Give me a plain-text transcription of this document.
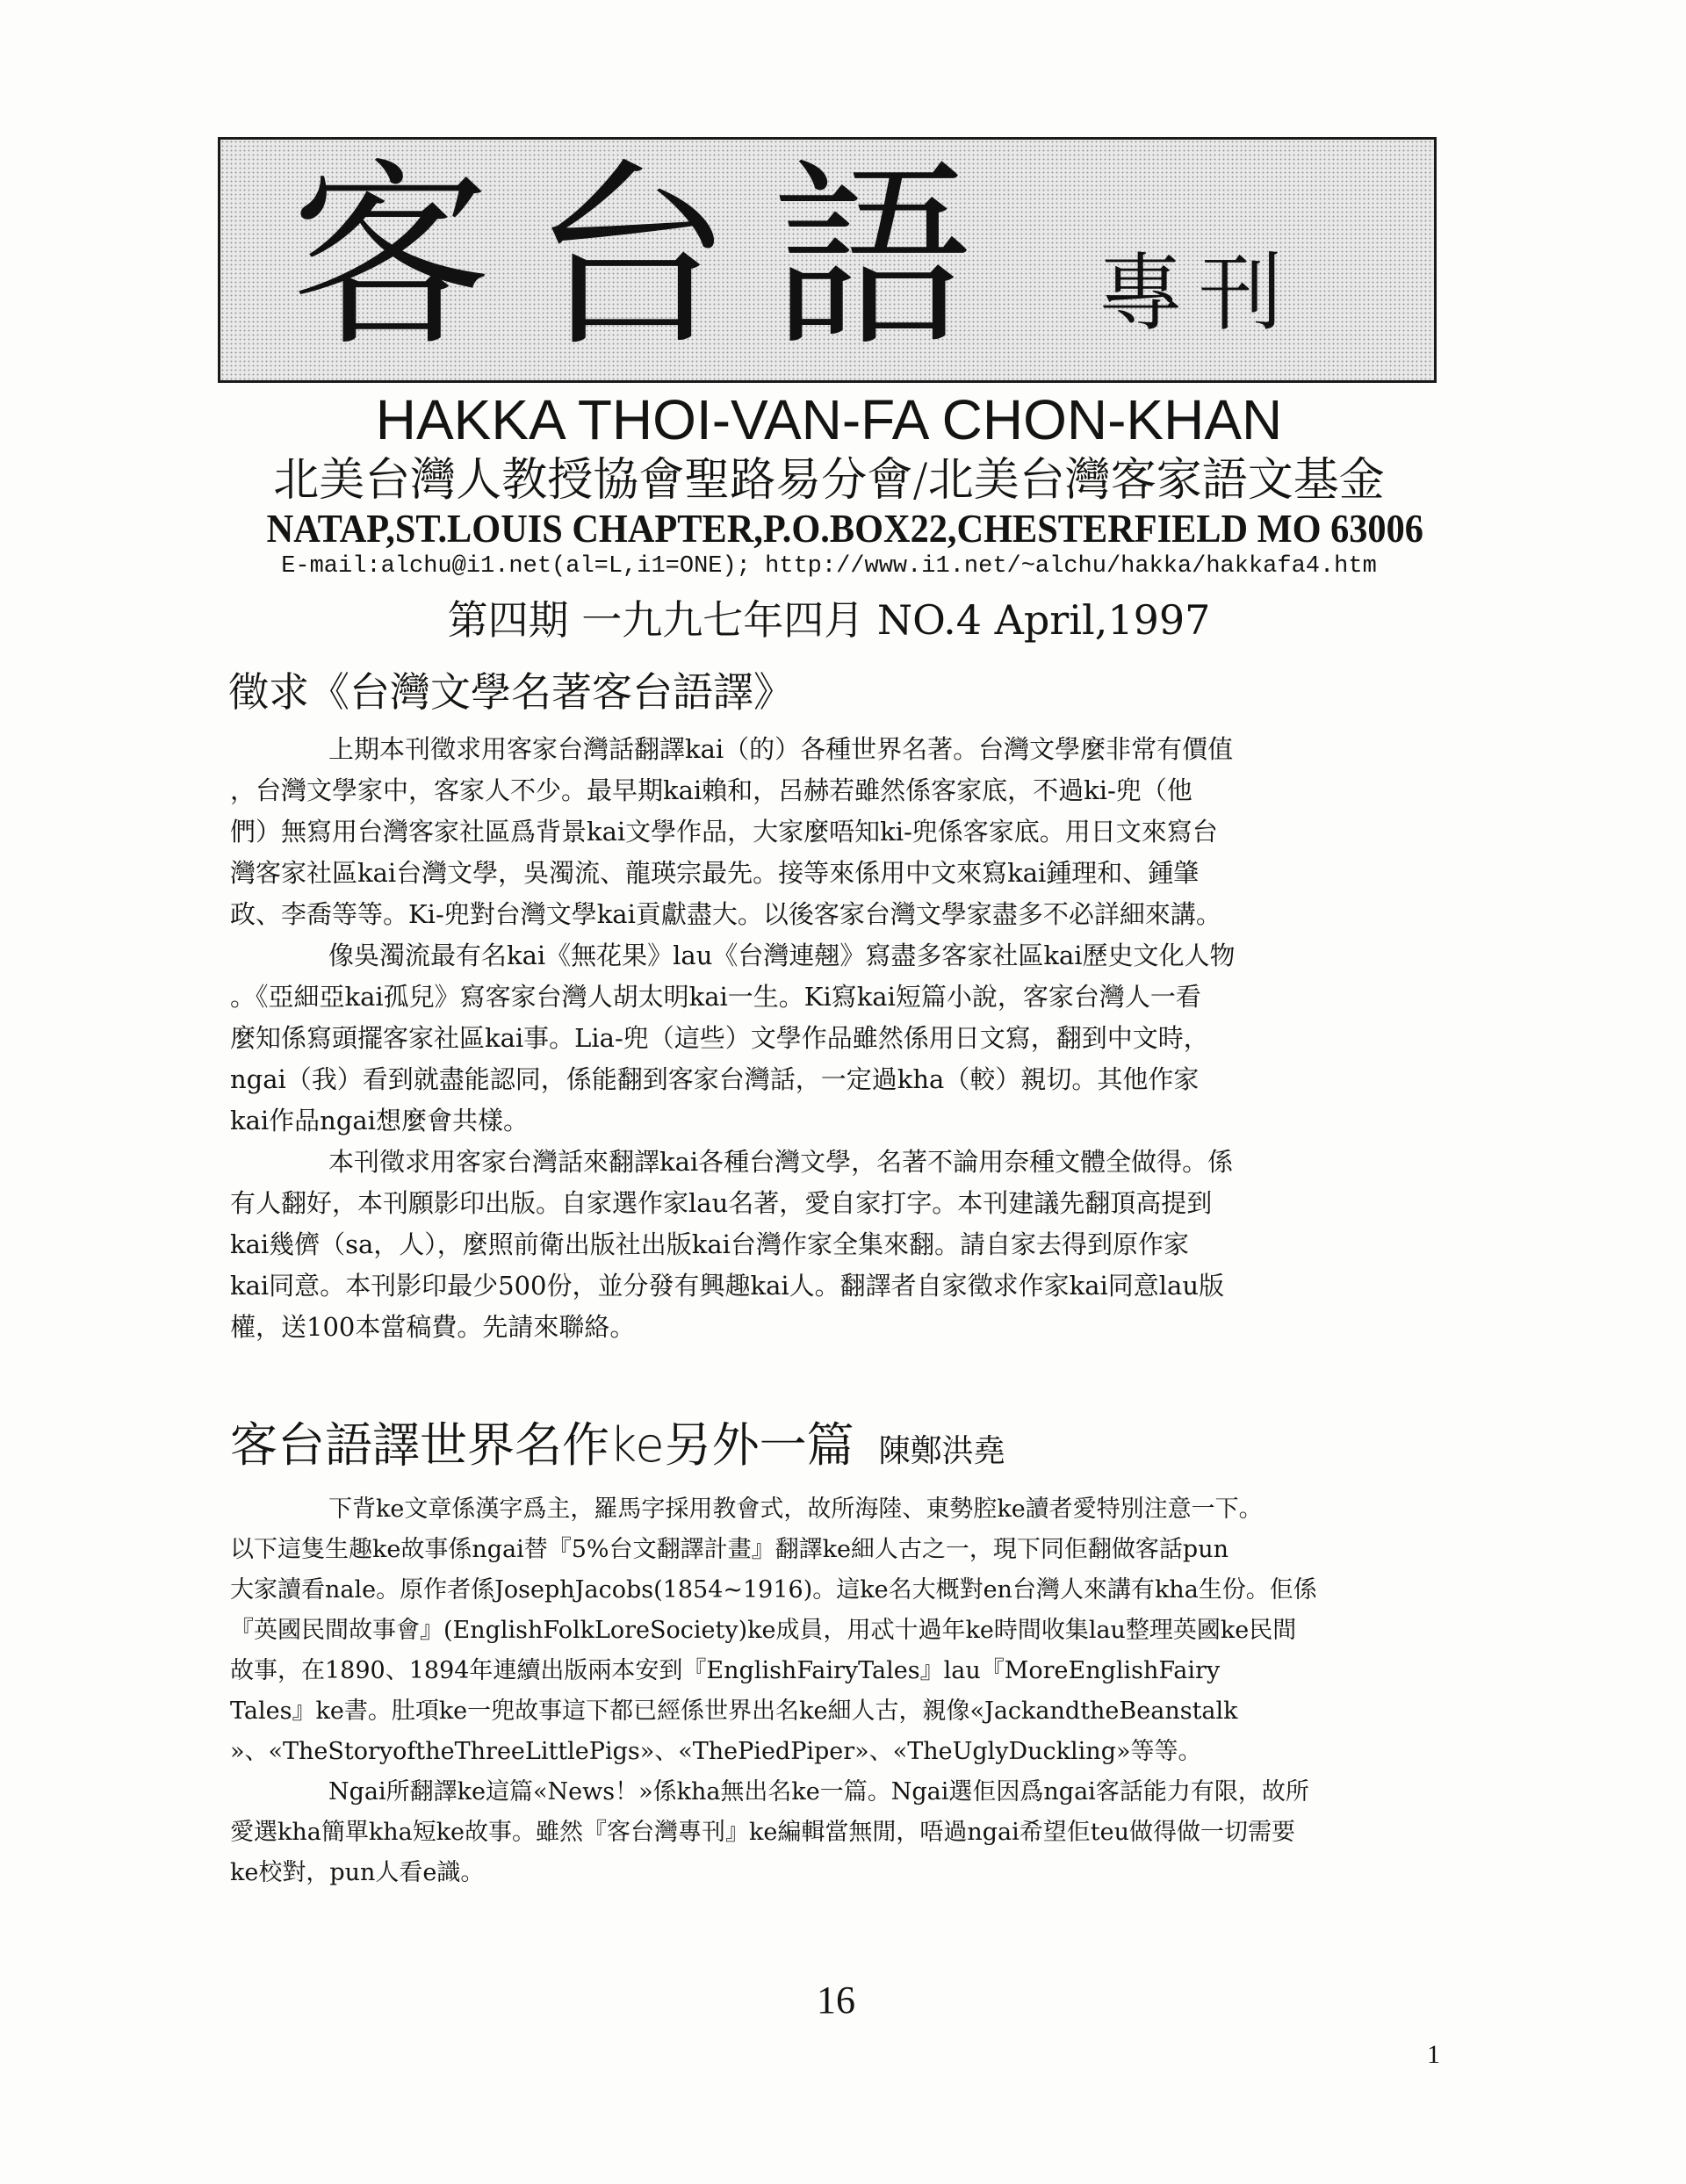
客台語 專刊
HAKKA THOI-VAN-FA CHON-KHAN
北美台灣人教授協會聖路易分會/北美台灣客家語文基金
NATAP,ST.LOUIS CHAPTER,P.O.BOX22,CHESTERFIELD MO 63006
E-mail:alchu@i1.net(al=L,i1=ONE); http://www.i1.net/~alchu/hakka/hakkafa4.htm
第四期 一九九七年四月 NO.4 April,1997
徵求《台灣文學名著客台語譯》
上期本刊徵求用客家台灣話翻譯kai（的）各種世界名著。台灣文學麼非常有價值
，台灣文學家中，客家人不少。最早期kai賴和，呂赫若雖然係客家底，不過ki-兜（他
們）無寫用台灣客家社區爲背景kai文學作品，大家麼唔知ki-兜係客家底。用日文來寫台
灣客家社區kai台灣文學，吳濁流、龍瑛宗最先。接等來係用中文來寫kai鍾理和、鍾肇
政、李喬等等。Ki-兜對台灣文學kai貢獻盡大。以後客家台灣文學家盡多不必詳細來講。
像吳濁流最有名kai《無花果》lau《台灣連翹》寫盡多客家社區kai歷史文化人物
。《亞細亞kai孤兒》寫客家台灣人胡太明kai一生。Ki寫kai短篇小說，客家台灣人一看
麼知係寫頭擺客家社區kai事。Lia-兜（這些）文學作品雖然係用日文寫，翻到中文時，
ngai（我）看到就盡能認同，係能翻到客家台灣話，一定過kha（較）親切。其他作家
kai作品ngai想麼會共樣。
本刊徵求用客家台灣話來翻譯kai各種台灣文學，名著不論用奈種文體全做得。係
有人翻好，本刊願影印出版。自家選作家lau名著，愛自家打字。本刊建議先翻頂高提到
kai幾儕（sa，人），麼照前衛出版社出版kai台灣作家全集來翻。請自家去得到原作家
kai同意。本刊影印最少500份，並分發有興趣kai人。翻譯者自家徵求作家kai同意lau版
權，送100本當稿費。先請來聯絡。
客台語譯世界名作ke另外一篇 陳鄭洪堯
下背ke文章係漢字爲主，羅馬字採用教會式，故所海陸、東勢腔ke讀者愛特別注意一下。
以下這隻生趣ke故事係ngai替『5%台文翻譯計畫』翻譯ke細人古之一，現下同佢翻做客話pun
大家讀看nale。原作者係JosephJacobs(1854~1916)。這ke名大概對en台灣人來講有kha生份。佢係
『英國民間故事會』(EnglishFolkLoreSociety)ke成員，用忒十過年ke時間收集lau整理英國ke民間
故事，在1890、1894年連續出版兩本安到『EnglishFairyTales』lau『MoreEnglishFairy
Tales』ke書。肚項ke一兜故事這下都已經係世界出名ke細人古，親像«JackandtheBeanstalk
»、«TheStoryoftheThreeLittlePigs»、«ThePiedPiper»、«TheUglyDuckling»等等。
Ngai所翻譯ke這篇«News！»係kha無出名ke一篇。Ngai選佢因爲ngai客話能力有限，故所
愛選kha簡單kha短ke故事。雖然『客台灣專刊』ke編輯當無閒，唔過ngai希望佢teu做得做一切需要
ke校對，pun人看e識。
16
1
